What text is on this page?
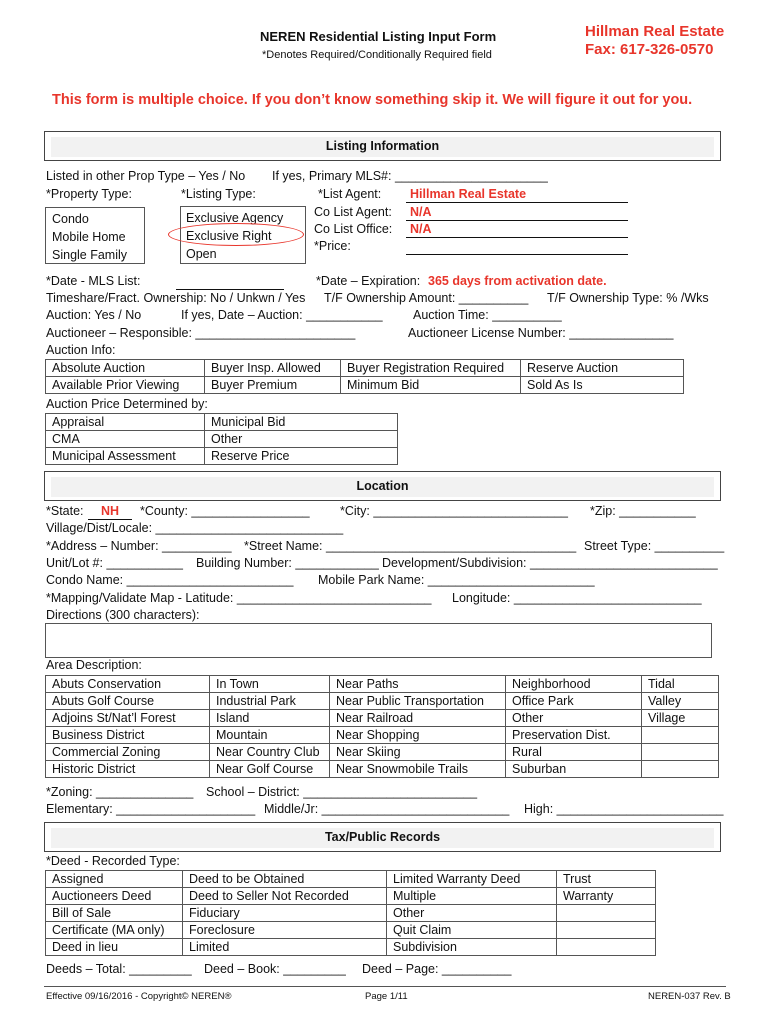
NEREN Residential Listing Input Form
*Denotes Required/Conditionally Required field
Hillman Real Estate
Fax: 617-326-0570
This form is multiple choice. If you don’t know something skip it. We will figure it out for you.
Listing Information
Listed in other Prop Type – Yes / No If yes, Primary MLS#: ______________________
*Property Type:	*Listing Type:
Condo
Mobile Home
Single Family
Exclusive Agency
Exclusive Right
Open
*List Agent:	Hillman Real Estate
Co List Agent:	N/A
Co List Office:	N/A
*Price:
*Date - MLS List:	*Date – Expiration: 365 days from activation date.
Timeshare/Fract. Ownership: No / Unkwn / Yes T/F Ownership Amount: __________ T/F Ownership Type: % /Wks
Auction: Yes / No	If yes, Date – Auction: ___________ Auction Time: __________
Auctioneer – Responsible: _______________________	Auctioneer License Number: _______________
Auction Info:
Absolute Auction	Buyer Insp. Allowed	Buyer Registration Required	Reserve Auction
Available Prior Viewing	Buyer Premium	Minimum Bid	Sold As Is
Auction Price Determined by:
Appraisal	Municipal Bid
CMA	Other
Municipal Assessment	Reserve Price
Location
*State:	NH	*County: _________________ *City: ____________________________ *Zip: ___________
Village/Dist/Locale: ___________________________
*Address – Number: __________ *Street Name: ____________________________________ Street Type: __________
Unit/Lot #: ___________ Building Number: ____________ Development/Subdivision: ___________________________
Condo Name: ________________________ Mobile Park Name: ________________________
*Mapping/Validate Map - Latitude: ____________________________ Longitude: ___________________________
Directions (300 characters):
Area Description:
Abuts Conservation	In Town	Near Paths	Neighborhood	Tidal
Abuts Golf Course	Industrial Park	Near Public Transportation	Office Park	Valley
Adjoins St/Nat’l Forest	Island	Near Railroad	Other	Village
Business District	Mountain	Near Shopping	Preservation Dist.	
Commercial Zoning	Near Country Club	Near Skiing	Rural	
Historic District	Near Golf Course	Near Snowmobile Trails	Suburban	
*Zoning: ______________ School – District: _________________________
Elementary: ____________________ Middle/Jr: ___________________________ High: ________________________
Tax/Public Records
*Deed - Recorded Type:
Assigned	Deed to be Obtained	Limited Warranty Deed	Trust
Auctioneers Deed	Deed to Seller Not Recorded	Multiple	Warranty
Bill of Sale	Fiduciary	Other	
Certificate (MA only)	Foreclosure	Quit Claim	
Deed in lieu	Limited	Subdivision	
Deeds – Total: _________ Deed – Book: _________ Deed – Page: __________
Effective 09/16/2016 - Copyright© NEREN®	Page 1/11	NEREN-037 Rev. B
